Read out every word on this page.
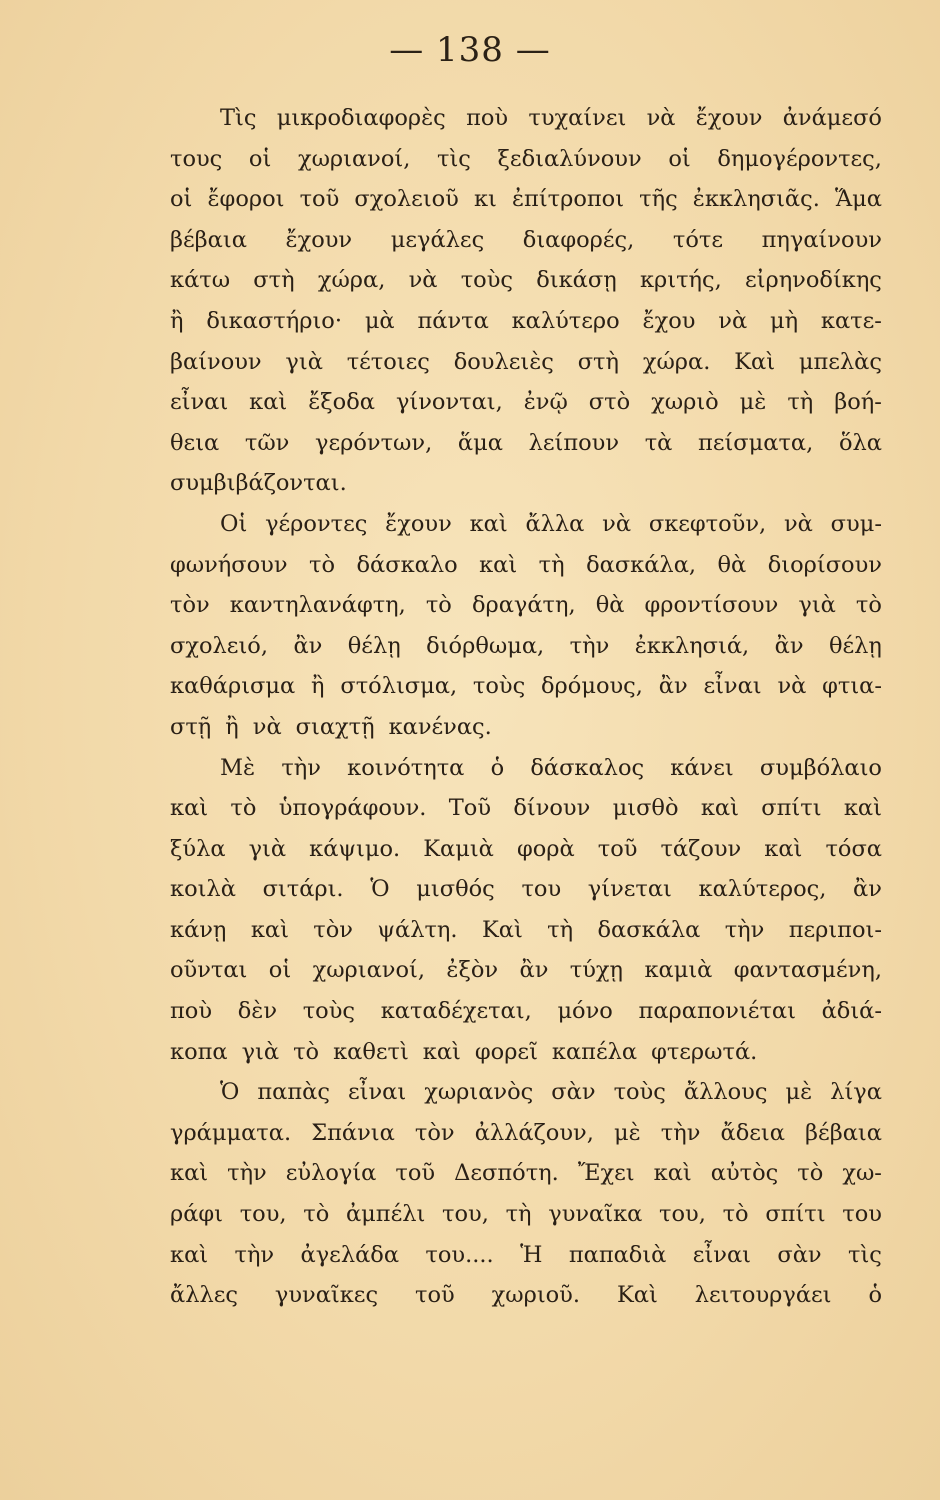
— 138 —
Τὶς μικροδιαφορὲς ποὺ τυχαίνει νὰ ἔχουν ἀνάμεσό
τους οἱ χωριανοί, τὶς ξεδιαλύνουν οἱ δημογέροντες,
οἱ ἔφοροι τοῦ σχολειοῦ κι ἐπίτροποι τῆς ἐκκλησιᾶς. Ἅμα
βέβαια ἔχουν μεγάλες διαφορές, τότε πηγαίνουν
κάτω στὴ χώρα, νὰ τοὺς δικάσῃ κριτής, εἰρηνοδίκης
ἢ δικαστήριο· μὰ πάντα καλύτερο ἔχου νὰ μὴ κατε-
βαίνουν γιὰ τέτοιες δουλειὲς στὴ χώρα. Καὶ μπελὰς
εἶναι καὶ ἔξοδα γίνονται, ἐνῷ στὸ χωριὸ μὲ τὴ βοή-
θεια τῶν γερόντων, ἅμα λείπουν τὰ πείσματα, ὅλα
συμβιβάζονται.
Οἱ γέροντες ἔχουν καὶ ἄλλα νὰ σκεφτοῦν, νὰ συμ-
φωνήσουν τὸ δάσκαλο καὶ τὴ δασκάλα, θὰ διορίσουν
τὸν καντηλανάφτη, τὸ δραγάτη, θὰ φροντίσουν γιὰ τὸ
σχολειό, ἂν θέλῃ διόρθωμα, τὴν ἐκκλησιά, ἂν θέλῃ
καθάρισμα ἢ στόλισμα, τοὺς δρόμους, ἂν εἶναι νὰ φτια-
στῇ ἢ νὰ σιαχτῇ κανένας.
Μὲ τὴν κοινότητα ὁ δάσκαλος κάνει συμβόλαιο
καὶ τὸ ὑπογράφουν. Τοῦ δίνουν μισθὸ καὶ σπίτι καὶ
ξύλα γιὰ κάψιμο. Καμιὰ φορὰ τοῦ τάζουν καὶ τόσα
κοιλὰ σιτάρι. Ὁ μισθός του γίνεται καλύτερος, ἂν
κάνῃ καὶ τὸν ψάλτη. Καὶ τὴ δασκάλα τὴν περιποι-
οῦνται οἱ χωριανοί, ἐξὸν ἂν τύχῃ καμιὰ φαντασμένη,
ποὺ δὲν τοὺς καταδέχεται, μόνο παραπονιέται ἀδιά-
κοπα γιὰ τὸ καθετὶ καὶ φορεῖ καπέλα φτερωτά.
Ὁ παπὰς εἶναι χωριανὸς σὰν τοὺς ἄλλους μὲ λίγα
γράμματα. Σπάνια τὸν ἀλλάζουν, μὲ τὴν ἄδεια βέβαια
καὶ τὴν εὐλογία τοῦ Δεσπότη. Ἔχει καὶ αὐτὸς τὸ χω-
ράφι του, τὸ ἀμπέλι του, τὴ γυναῖκα του, τὸ σπίτι του
καὶ τὴν ἀγελάδα του.... Ἡ παπαδιὰ εἶναι σὰν τὶς
ἄλλες γυναῖκες τοῦ χωριοῦ. Καὶ λειτουργάει ὁ
